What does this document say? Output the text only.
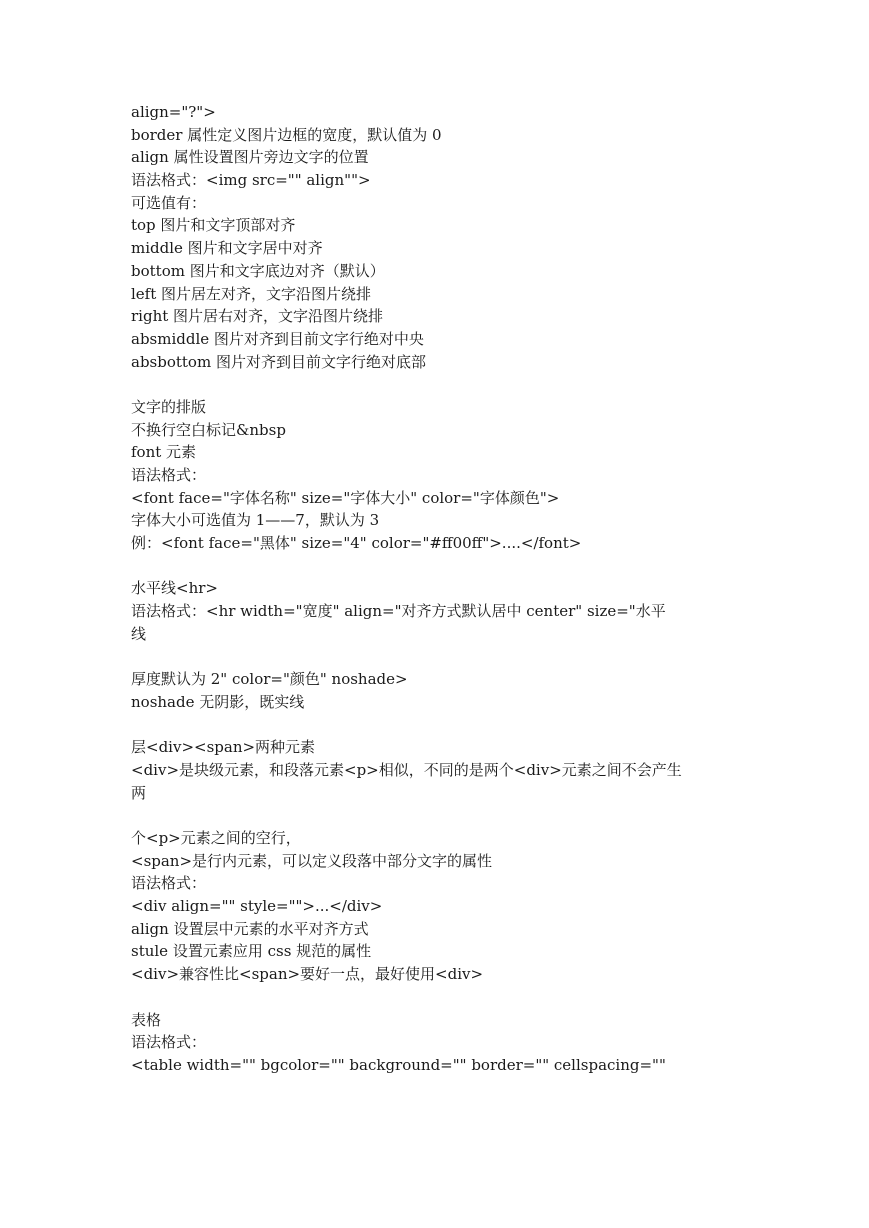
align="?">
border 属性定义图片边框的宽度，默认值为 0
align 属性设置图片旁边文字的位置
语法格式：<img src="" align"">
可选值有：
top 图片和文字顶部对齐
middle 图片和文字居中对齐
bottom 图片和文字底边对齐（默认）
left 图片居左对齐，文字沿图片绕排
right 图片居右对齐，文字沿图片绕排
absmiddle 图片对齐到目前文字行绝对中央
absbottom 图片对齐到目前文字行绝对底部
文字的排版
不换行空白标记&nbsp
font 元素
语法格式：
<font face="字体名称" size="字体大小" color="字体颜色">
字体大小可选值为 1——7，默认为 3
例：<font face="黑体" size="4" color="#ff00ff">....</font>
水平线<hr>
语法格式：<hr width="宽度" align="对齐方式默认居中 center" size="水平
线
厚度默认为 2" color="颜色" noshade>
noshade 无阴影，既实线
层<div><span>两种元素
<div>是块级元素，和段落元素<p>相似，不同的是两个<div>元素之间不会产生
两
个<p>元素之间的空行，
<span>是行内元素，可以定义段落中部分文字的属性
语法格式：
<div align="" style="">...</div>
align 设置层中元素的水平对齐方式
stule 设置元素应用 css 规范的属性
<div>兼容性比<span>要好一点，最好使用<div>
表格
语法格式：
<table width="" bgcolor="" background="" border="" cellspacing=""
